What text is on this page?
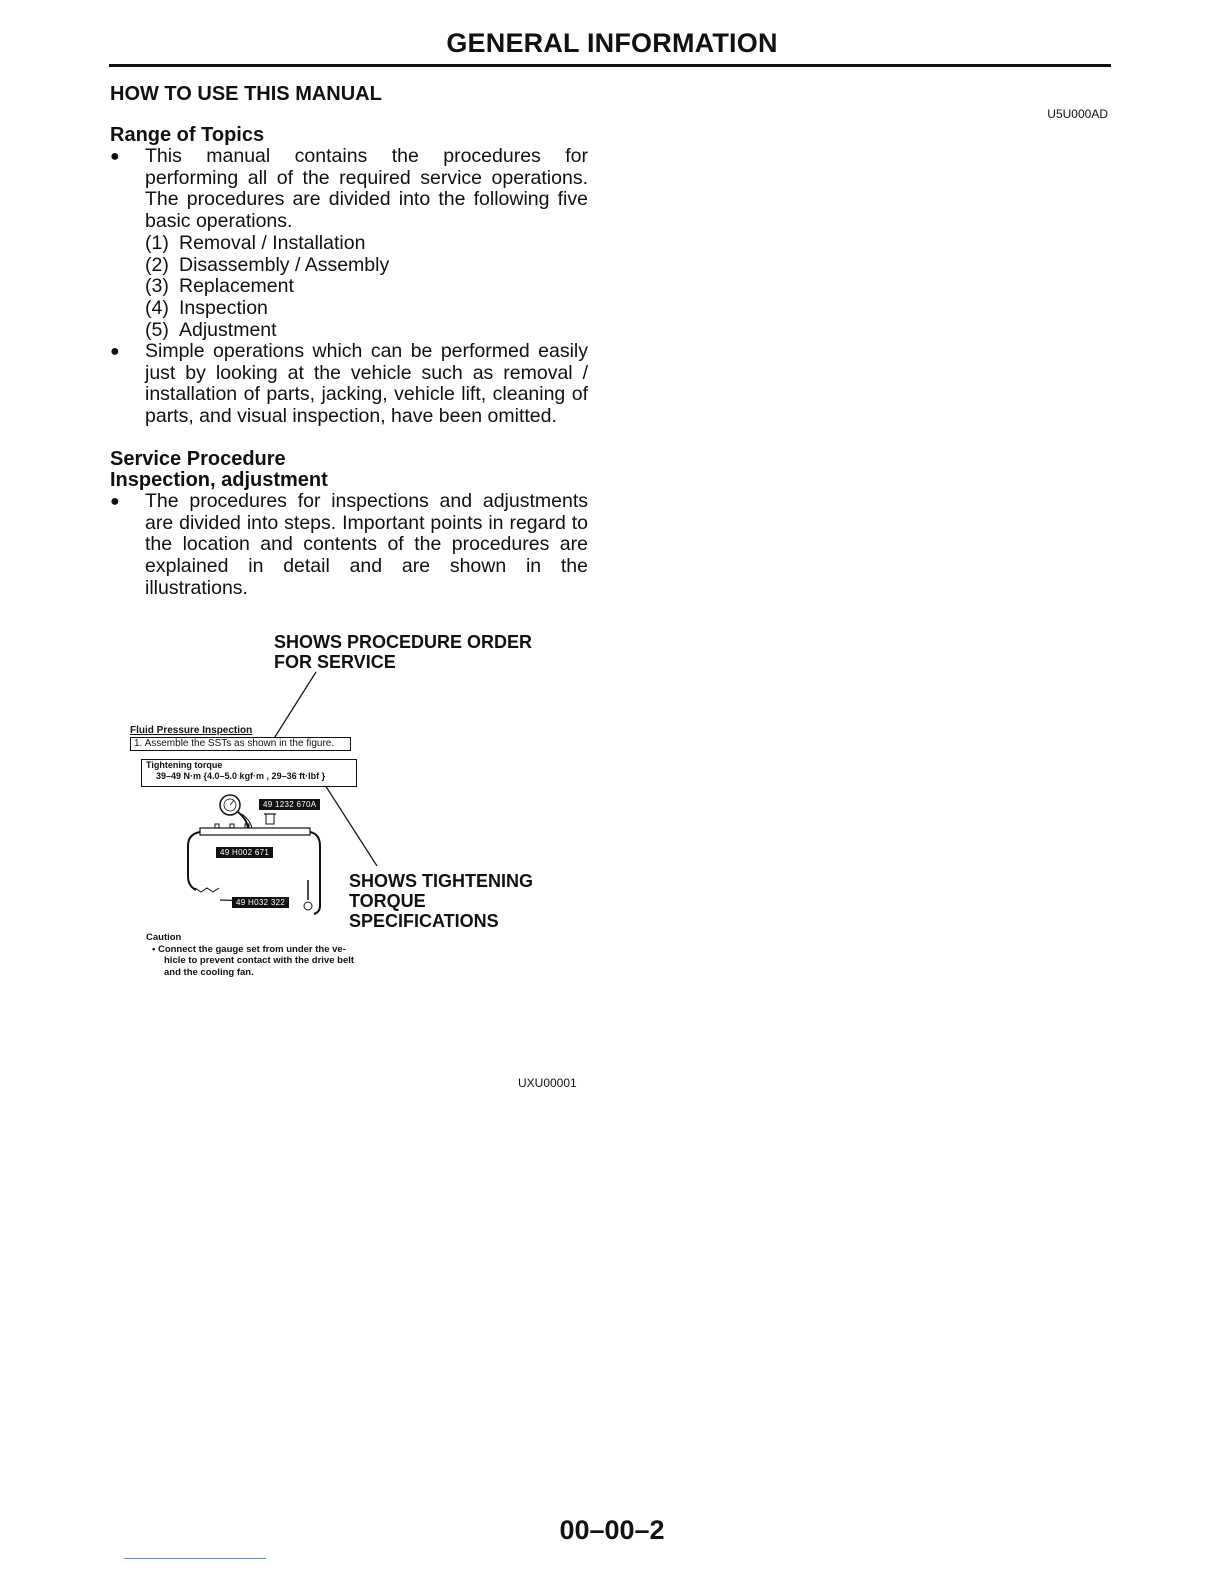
GENERAL INFORMATION
U5U000AD
HOW TO USE THIS MANUAL
Range of Topics
●	This manual contains the procedures for performing all of the required service operations. The procedures are divided into the following five basic operations.
(1) Removal / Installation
(2) Disassembly / Assembly
(3) Replacement
(4) Inspection
(5) Adjustment
●	Simple operations which can be performed easily just by looking at the vehicle such as removal / installation of parts, jacking, vehicle lift, cleaning of parts, and visual inspection, have been omitted.
Service Procedure
Inspection, adjustment
●	The procedures for inspections and adjustments are divided into steps. Important points in regard to the location and contents of the procedures are explained in detail and are shown in the illustrations.
SHOWS PROCEDURE ORDER
FOR SERVICE
Fluid Pressure Inspection
1. Assemble the SSTs as shown in the figure.
Tightening torque
39–49 N·m {4.0–5.0 kgf·m , 29–36 ft·lbf }
49 1232 670A
49 H002 671
49 H032 322
SHOWS TIGHTENING
TORQUE
SPECIFICATIONS
Caution
• Connect the gauge set from under the ve-
hicle to prevent contact with the drive belt
and the cooling fan.
UXU00001
00–00–2
